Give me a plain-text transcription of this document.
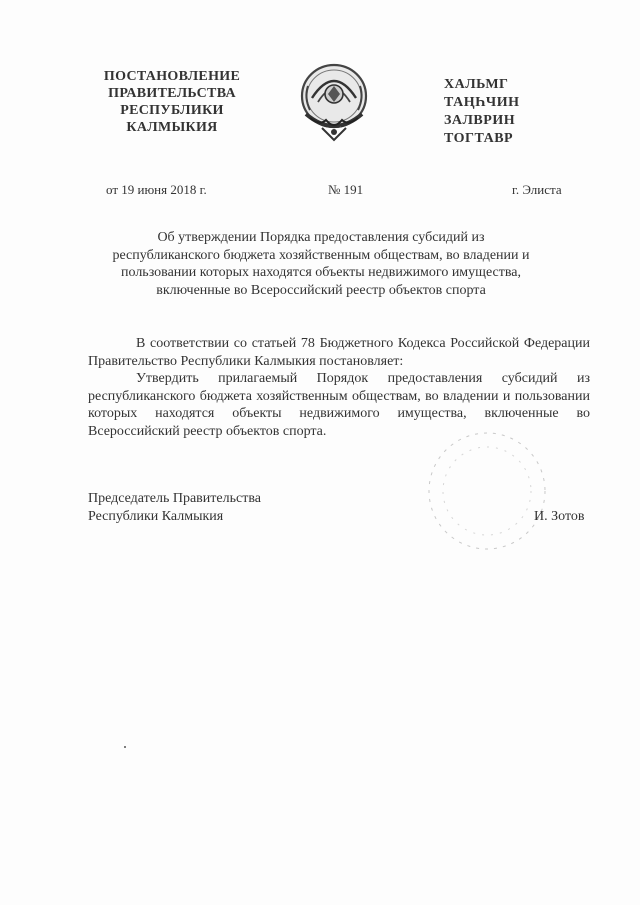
ПОСТАНОВЛЕНИЕ
ПРАВИТЕЛЬСТВА
РЕСПУБЛИКИ
КАЛМЫКИЯ
ХАЛЬМГ
ТАҢҺЧИН
ЗАЛВРИН
ТОГТАВР
от 19 июня 2018 г.	№ 191	г. Элиста
Об утверждении Порядка предоставления субсидий из
республиканского бюджета хозяйственным обществам, во владении и
пользовании которых находятся объекты недвижимого имущества,
включенные во Всероссийский реестр объектов спорта

В соответствии со статьей 78 Бюджетного Кодекса Российской Федерации Правительство Республики Калмыкия постановляет:

Утвердить прилагаемый Порядок предоставления субсидий из республиканского бюджета хозяйственным обществам, во владении и пользовании которых находятся объекты недвижимого имущества, включенные во Всероссийский реестр объектов спорта.

Председатель Правительства
Республики Калмыкия	И. Зотов
